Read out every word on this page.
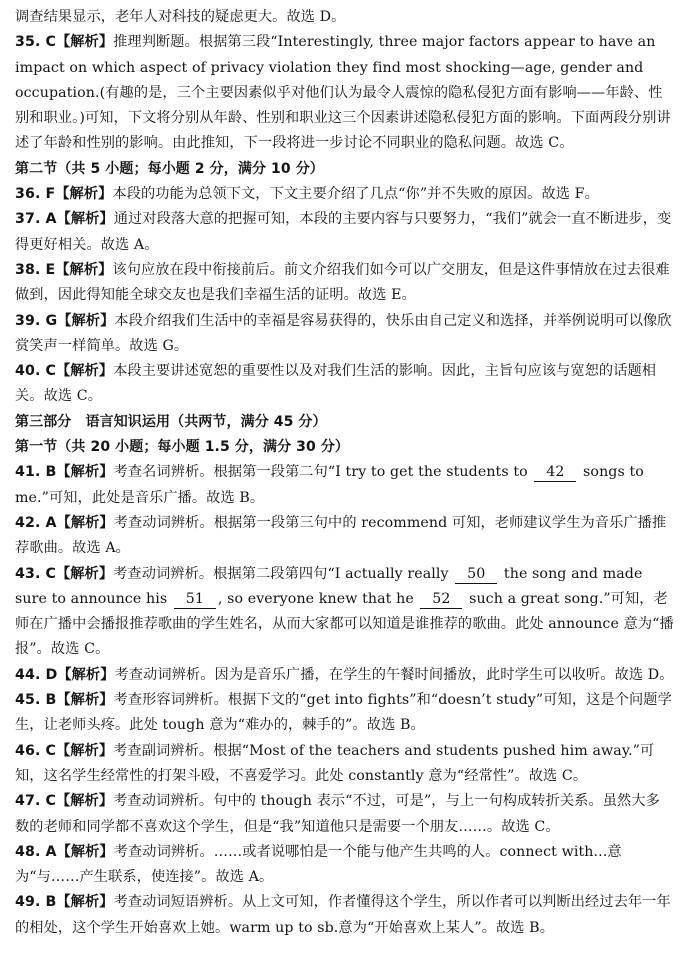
调查结果显示，老年人对科技的疑虑更大。故选 D。

35. C【解析】推理判断题。根据第三段“Interestingly, three major factors appear to have an impact on which aspect of privacy violation they find most shocking—age, gender and occupation.(有趣的是，三个主要因素似乎对他们认为最令人震惊的隐私侵犯方面有影响——年龄、性别和职业。)可知，下文将分别从年龄、性别和职业这三个因素讲述隐私侵犯方面的影响。下面两段分别讲述了年龄和性别的影响。由此推知，下一段将进一步讨论不同职业的隐私问题。故选 C。

第二节（共 5 小题；每小题 2 分，满分 10 分）

36. F【解析】本段的功能为总领下文，下文主要介绍了几点“你”并不失败的原因。故选 F。

37. A【解析】通过对段落大意的把握可知，本段的主要内容与只要努力，“我们”就会一直不断进步，变得更好相关。故选 A。

38. E【解析】该句应放在段中衔接前后。前文介绍我们如今可以广交朋友，但是这件事情放在过去很难做到，因此得知能全球交友也是我们幸福生活的证明。故选 E。

39. G【解析】本段介绍我们生活中的幸福是容易获得的，快乐由自己定义和选择，并举例说明可以像欣赏笑声一样简单。故选 G。

40. C【解析】本段主要讲述宽恕的重要性以及对我们生活的影响。因此，主旨句应该与宽恕的话题相关。故选 C。

第三部分　语言知识运用（共两节，满分 45 分）

第一节（共 20 小题；每小题 1.5 分，满分 30 分）

41. B【解析】考查名词辨析。根据第一段第二句“I try to get the students to 42 songs to me.”可知，此处是音乐广播。故选 B。

42. A【解析】考查动词辨析。根据第一段第三句中的 recommend 可知，老师建议学生为音乐广播推荐歌曲。故选 A。

43. C【解析】考查动词辨析。根据第二段第四句“I actually really 50 the song and made sure to announce his 51 , so everyone knew that he 52 such a great song.”可知，老师在广播中会播报推荐歌曲的学生姓名，从而大家都可以知道是谁推荐的歌曲。此处 announce 意为“播报”。故选 C。

44. D【解析】考查动词辨析。因为是音乐广播，在学生的午餐时间播放，此时学生可以收听。故选 D。

45. B【解析】考查形容词辨析。根据下文的“get into fights”和“doesn’t study”可知，这是个问题学生，让老师头疼。此处 tough 意为“难办的，棘手的”。故选 B。

46. C【解析】考查副词辨析。根据“Most of the teachers and students pushed him away.”可知，这名学生经常性的打架斗殴，不喜爱学习。此处 constantly 意为“经常性”。故选 C。

47. C【解析】考查动词辨析。句中的 though 表示“不过，可是”，与上一句构成转折关系。虽然大多数的老师和同学都不喜欢这个学生，但是“我”知道他只是需要一个朋友……。故选 C。

48. A【解析】考查动词辨析。……或者说哪怕是一个能与他产生共鸣的人。connect with...意为“与……产生联系，使连接”。故选 A。

49. B【解析】考查动词短语辨析。从上文可知，作者懂得这个学生，所以作者可以判断出经过去年一年的相处，这个学生开始喜欢上她。warm up to sb.意为“开始喜欢上某人”。故选 B。
